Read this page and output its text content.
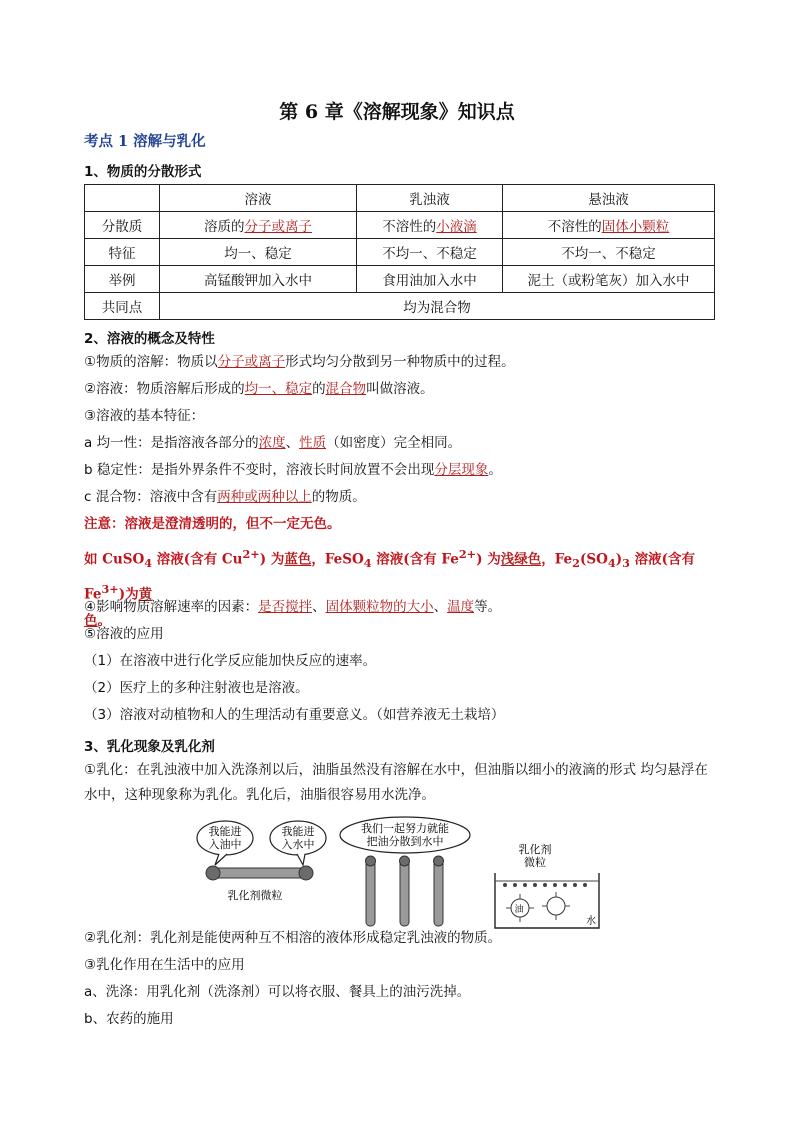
第 6 章《溶解现象》知识点
考点 1 溶解与乳化
1、物质的分散形式
	溶液	乳浊液	悬浊液
分散质	溶质的分子或离子	不溶性的小液滴	不溶性的固体小颗粒
特征	均一、稳定	不均一、不稳定	不均一、不稳定
举例	高锰酸钾加入水中	食用油加入水中	泥土（或粉笔灰）加入水中
共同点	均为混合物		
2、溶液的概念及特性
①物质的溶解：物质以分子或离子形式均匀分散到另一种物质中的过程。
②溶液：物质溶解后形成的均一、稳定的混合物叫做溶液。
③溶液的基本特征：
a 均一性：是指溶液各部分的浓度、性质（如密度）完全相同。
b 稳定性：是指外界条件不变时，溶液长时间放置不会出现分层现象。
c 混合物：溶液中含有两种或两种以上的物质。
注意：溶液是澄清透明的，但不一定无色。
如 CuSO$_4$ 溶液(含有 $Cu^{2+}$) 为蓝色，FeSO$_4$ 溶液(含有 $Fe^{2+}$) 为浅绿色，$Fe_2(SO_4)_3$ 溶液(含有 $Fe^{3+}$)为黄
色。
④影响物质溶解速率的因素：是否搅拌、固体颗粒物的大小、温度等。
⑤溶液的应用
（1）在溶液中进行化学反应能加快反应的速率。
（2）医疗上的多种注射液也是溶液。
（3）溶液对动植物和人的生理活动有重要意义。（如营养液无土栽培）
3、乳化现象及乳化剂
①乳化：在乳浊液中加入洗涤剂以后，油脂虽然没有溶解在水中，但油脂以细小的液滴的形式 均匀悬浮在水中，这种现象称为乳化。乳化后，油脂很容易用水洗净。
我能进
入油中
我能进
入水中
乳化剂微粒
我们一起努力就能
把油分散到水中
乳化剂
微粒
油
水
②乳化剂：乳化剂是能使两种互不相溶的液体形成稳定乳浊液的物质。
③乳化作用在生活中的应用
a、洗涤：用乳化剂（洗涤剂）可以将衣服、餐具上的油污洗掉。
b、农药的施用
